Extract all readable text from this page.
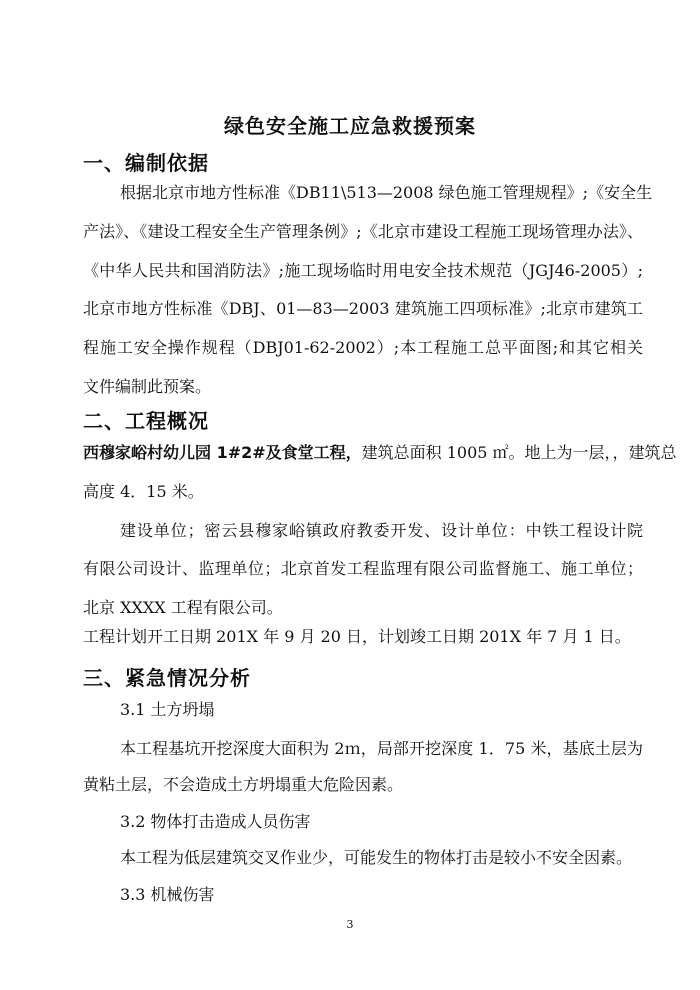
绿色安全施工应急救援预案
一、编制依据
根据北京市地方性标准《DB11\513—2008 绿色施工管理规程》;《安全生
产法》、《建设工程安全生产管理条例》;《北京市建设工程施工现场管理办法》、
《中华人民共和国消防法》;施工现场临时用电安全技术规范（JGJ46-2005）;
北京市地方性标准《DBJ、01—83—2003 建筑施工四项标准》;北京市建筑工
程施工安全操作规程（DBJ01-62-2002）;本工程施工总平面图;和其它相关
文件编制此预案。
二、工程概况
西穆家峪村幼儿园 1#2#及食堂工程，建筑总面积 1005 ㎡。地上为一层，，建筑总
高度 4．15 米。
建设单位；密云县穆家峪镇政府教委开发、设计单位：中铁工程设计院
有限公司设计、监理单位；北京首发工程监理有限公司监督施工、施工单位；
北京 XXXX 工程有限公司。
工程计划开工日期 201X 年 9 月 20 日，计划竣工日期 201X 年 7 月 1 日。
三、紧急情况分析
3.1 土方坍塌
本工程基坑开挖深度大面积为 2ｍ，局部开挖深度 1．75 米，基底土层为
黄粘土层，不会造成土方坍塌重大危险因素。
3.2 物体打击造成人员伤害
本工程为低层建筑交叉作业少，可能发生的物体打击是较小不安全因素。
3.3 机械伤害
3
